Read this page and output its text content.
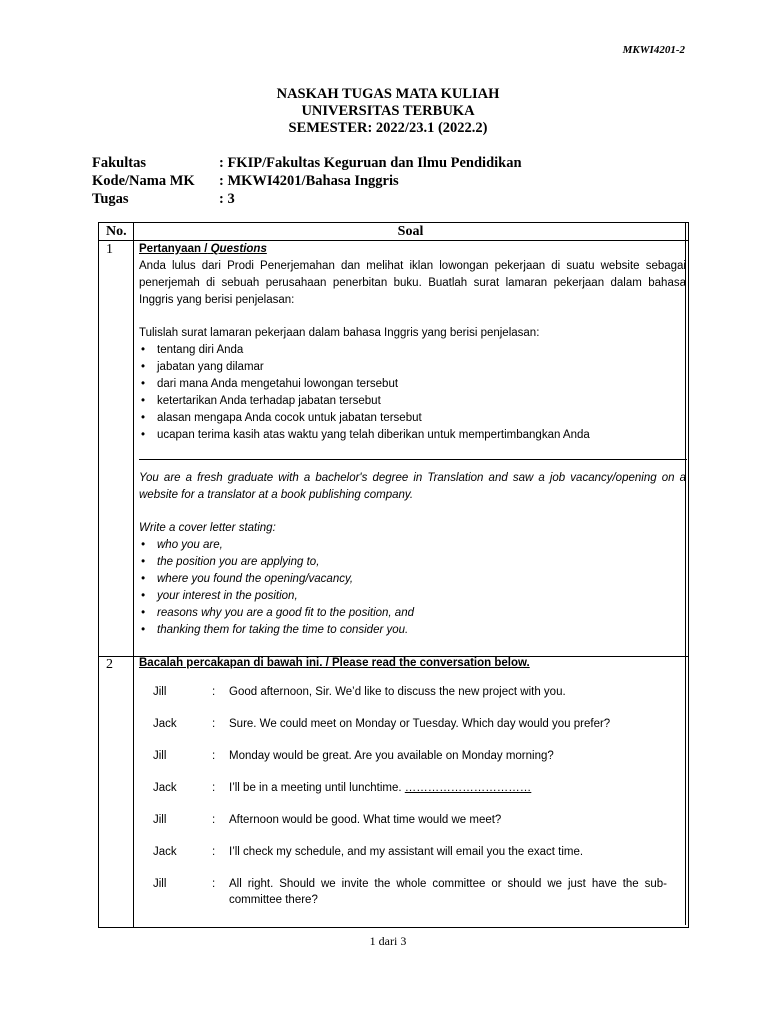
MKWI4201-2
NASKAH TUGAS MATA KULIAH
UNIVERSITAS TERBUKA
SEMESTER: 2022/23.1 (2022.2)
Fakultas	: FKIP/Fakultas Keguruan dan Ilmu Pendidikan
Kode/Nama MK	: MKWI4201/Bahasa Inggris
Tugas	: 3
No.	Soal
1 Pertanyaan / Questions

Anda lulus dari Prodi Penerjemahan dan melihat iklan lowongan pekerjaan di suatu website sebagai penerjemah di sebuah perusahaan penerbitan buku. Buatlah surat lamaran pekerjaan dalam bahasa Inggris yang berisi penjelasan:

Tulislah surat lamaran pekerjaan dalam bahasa Inggris yang berisi penjelasan:
• tentang diri Anda
• jabatan yang dilamar
• dari mana Anda mengetahui lowongan tersebut
• ketertarikan Anda terhadap jabatan tersebut
• alasan mengapa Anda cocok untuk jabatan tersebut
• ucapan terima kasih atas waktu yang telah diberikan untuk mempertimbangkan Anda

You are a fresh graduate with a bachelor's degree in Translation and saw a job vacancy/opening on a website for a translator at a book publishing company.

Write a cover letter stating:
• who you are,
• the position you are applying to,
• where you found the opening/vacancy,
• your interest in the position,
• reasons why you are a good fit to the position, and
• thanking them for taking the time to consider you.
2 Bacalah percakapan di bawah ini. / Please read the conversation below.
Jill	:	Good afternoon, Sir. We’d like to discuss the new project with you.
Jack	:	Sure. We could meet on Monday or Tuesday. Which day would you prefer?
Jill	:	Monday would be great. Are you available on Monday morning?
Jack	:	I’ll be in a meeting until lunchtime. ……………………………
Jill	:	Afternoon would be good. What time would we meet?
Jack	:	I’ll check my schedule, and my assistant will email you the exact time.
Jill	:	All right. Should we invite the whole committee or should we just have the sub-committee there?
1 dari 3
